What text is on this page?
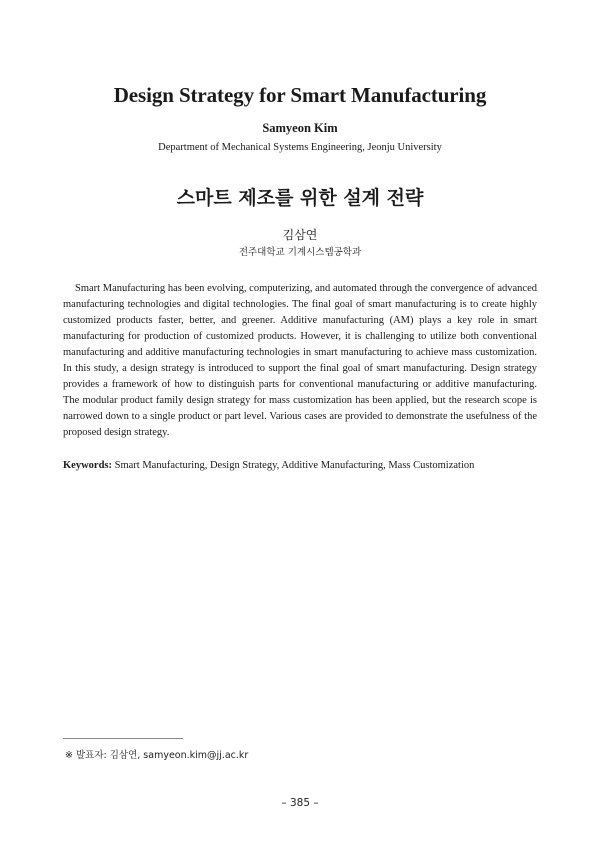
Design Strategy for Smart Manufacturing
Samyeon Kim
Department of Mechanical Systems Engineering, Jeonju University
스마트 제조를 위한 설계 전략
김삼연
전주대학교 기계시스템공학과

Smart Manufacturing has been evolving, computerizing, and automated through the convergence of advanced manufacturing technologies and digital technologies. The final goal of smart manufacturing is to create highly customized products faster, better, and greener. Additive manufacturing (AM) plays a key role in smart manufacturing for production of customized products. However, it is challenging to utilize both conventional manufacturing and additive manufacturing technologies in smart manufacturing to achieve mass customization. In this study, a design strategy is introduced to support the final goal of smart manufacturing. Design strategy provides a framework of how to distinguish parts for conventional manufacturing or additive manufacturing. The modular product family design strategy for mass customization has been applied, but the research scope is narrowed down to a single product or part level. Various cases are provided to demonstrate the usefulness of the proposed design strategy.

Keywords: Smart Manufacturing, Design Strategy, Additive Manufacturing, Mass Customization
※ 발표자: 김삼연, samyeon.kim@jj.ac.kr
– 385 –
